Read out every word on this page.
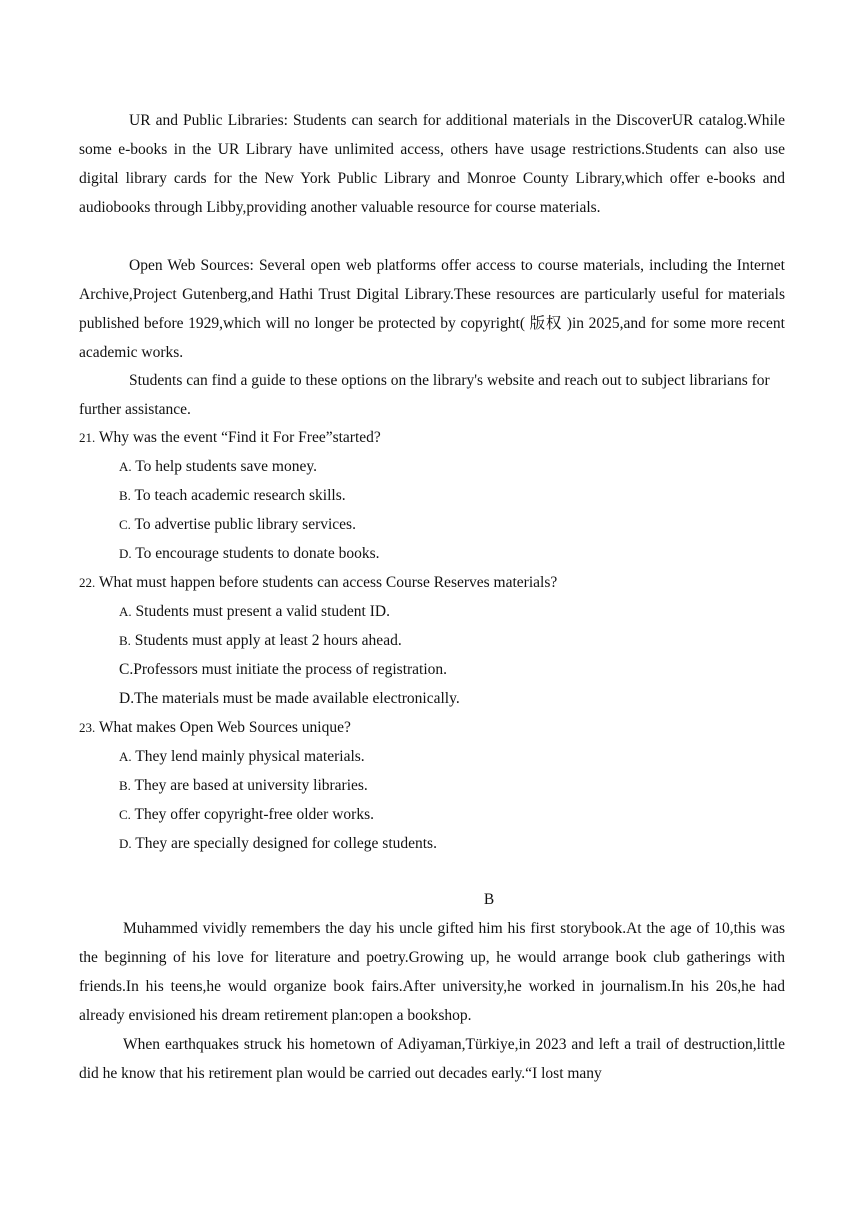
UR and Public Libraries: Students can search for additional materials in the DiscoverUR catalog.While some e-books in the UR Library have unlimited access, others have usage restrictions.Students can also use digital library cards for the New York Public Library and Monroe County Library,which offer e-books and audiobooks through Libby,providing another valuable resource for course materials.

Open Web Sources: Several open web platforms offer access to course materials, including the Internet Archive,Project Gutenberg,and Hathi Trust Digital Library.These resources are particularly useful for materials published before 1929,which will no longer be protected by copyright( 版权 )in 2025,and for some more recent academic works.

Students can find a guide to these options on the library's website and reach out to subject librarians for further assistance.

21. Why was the event “Find it For Free”started?

A. To help students save money.

B. To teach academic research skills.

C. To advertise public library services.

D. To encourage students to donate books.

22. What must happen before students can access Course Reserves materials?

A. Students must present a valid student ID.

B. Students must apply at least 2 hours ahead.

C.Professors must initiate the process of registration.

D.The materials must be made available electronically.

23. What makes Open Web Sources unique?

A. They lend mainly physical materials.

B. They are based at university libraries.

C. They offer copyright-free older works.

D. They are specially designed for college students.

B

Muhammed vividly remembers the day his uncle gifted him his first storybook.At the age of 10,this was the beginning of his love for literature and poetry.Growing up, he would arrange book club gatherings with friends.In his teens,he would organize book fairs.After university,he worked in journalism.In his 20s,he had already envisioned his dream retirement plan:open a bookshop.

When earthquakes struck his hometown of Adiyaman,Türkiye,in 2023 and left a trail of destruction,little did he know that his retirement plan would be carried out decades early.“I lost many
